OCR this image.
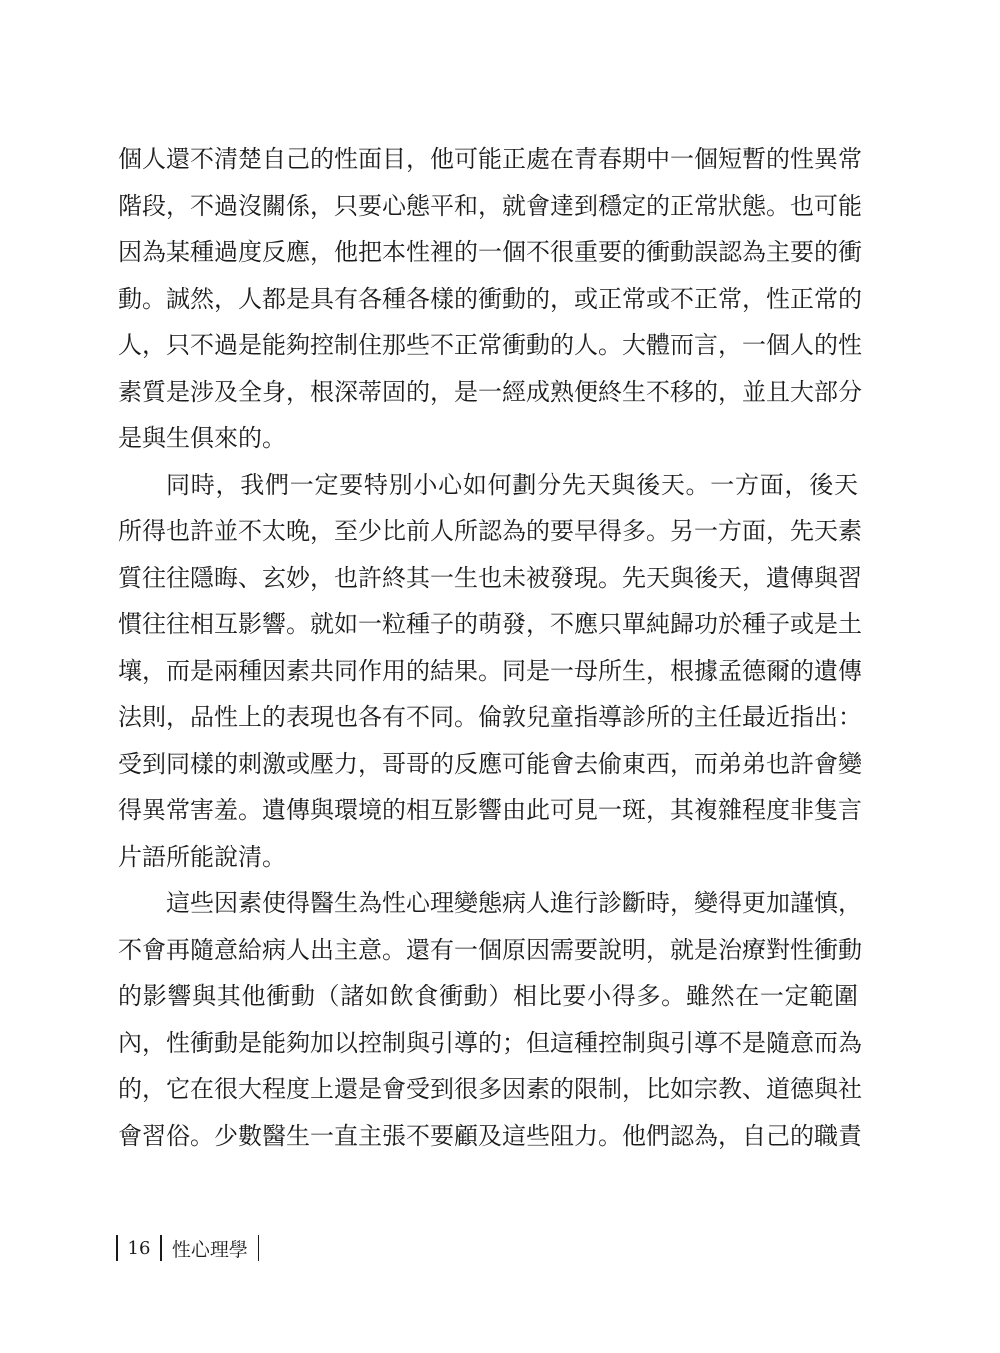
個人還不清楚自己的性面目，他可能正處在青春期中一個短暫的性異常
階段，不過沒關係，只要心態平和，就會達到穩定的正常狀態。也可能
因為某種過度反應，他把本性裡的一個不很重要的衝動誤認為主要的衝
動。誠然，人都是具有各種各樣的衝動的，或正常或不正常，性正常的
人，只不過是能夠控制住那些不正常衝動的人。大體而言，一個人的性
素質是涉及全身，根深蒂固的，是一經成熟便終生不移的，並且大部分
是與生俱來的。
同時，我們一定要特別小心如何劃分先天與後天。一方面，後天
所得也許並不太晚，至少比前人所認為的要早得多。另一方面，先天素
質往往隱晦、玄妙，也許終其一生也未被發現。先天與後天，遺傳與習
慣往往相互影響。就如一粒種子的萌發，不應只單純歸功於種子或是土
壤，而是兩種因素共同作用的結果。同是一母所生，根據孟德爾的遺傳
法則，品性上的表現也各有不同。倫敦兒童指導診所的主任最近指出：
受到同樣的刺激或壓力，哥哥的反應可能會去偷東西，而弟弟也許會變
得異常害羞。遺傳與環境的相互影響由此可見一斑，其複雜程度非隻言
片語所能說清。
這些因素使得醫生為性心理變態病人進行診斷時，變得更加謹慎，
不會再隨意給病人出主意。還有一個原因需要說明，就是治療對性衝動
的影響與其他衝動（諸如飲食衝動）相比要小得多。雖然在一定範圍
內，性衝動是能夠加以控制與引導的；但這種控制與引導不是隨意而為
的，它在很大程度上還是會受到很多因素的限制，比如宗教、道德與社
會習俗。少數醫生一直主張不要顧及這些阻力。他們認為，自己的職責
16	性心理學
